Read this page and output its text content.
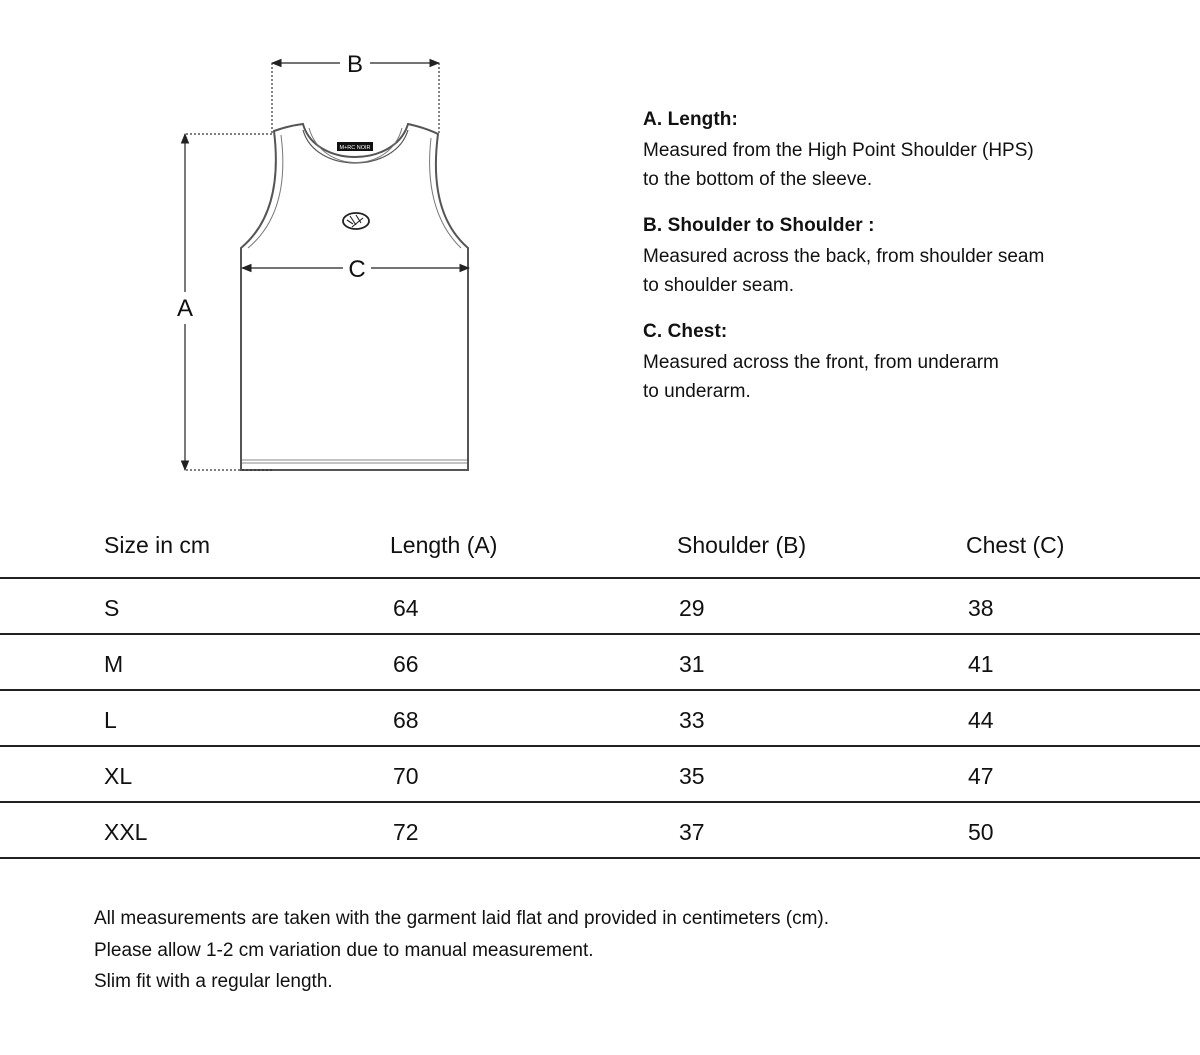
M+RC NOIR
B
A
C
A. Length:
Measured from the High Point Shoulder (HPS)
to the bottom of the sleeve.
B. Shoulder to Shoulder :
Measured across the back, from shoulder seam
to shoulder seam.
C. Chest:
Measured across the front, from underarm
to underarm.
Size in cm	Length (A)	Shoulder (B)	Chest (C)
S	64	29	38
M	66	31	41
L	68	33	44
XL	70	35	47
XXL	72	37	50
All measurements are taken with the garment laid flat and provided in centimeters (cm).
Please allow 1-2 cm variation due to manual measurement.
Slim fit with a regular length.
